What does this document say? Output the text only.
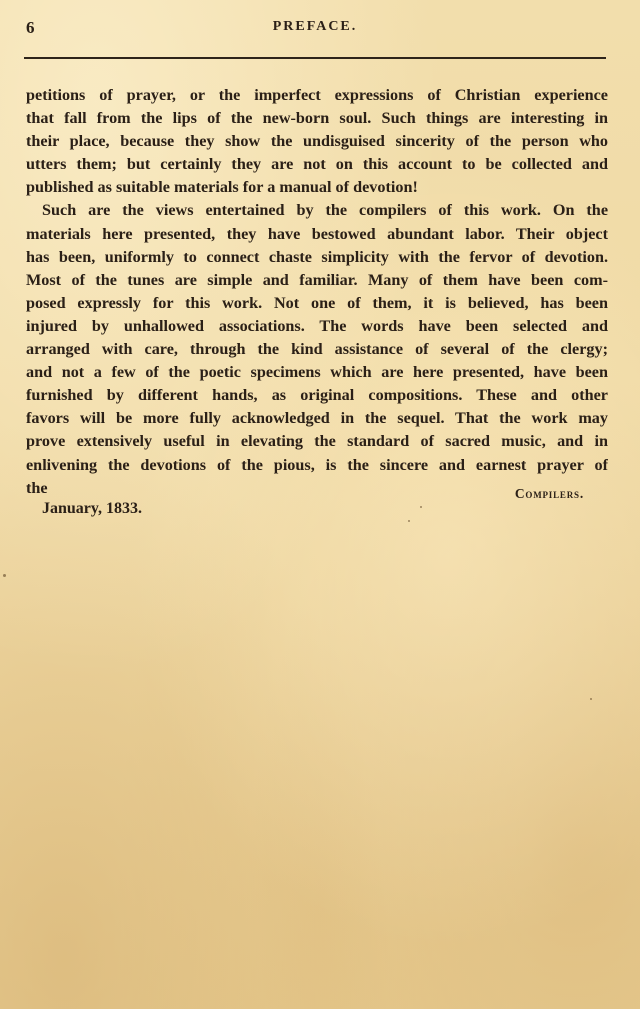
6	PREFACE.
petitions of prayer, or the imperfect expressions of Christian experience
that fall from the lips of the new-born soul. Such things are interesting in
their place, because they show the undisguised sincerity of the person who
utters them; but certainly they are not on this account to be collected and
published as suitable materials for a manual of devotion!
Such are the views entertained by the compilers of this work. On the
materials here presented, they have bestowed abundant labor. Their object
has been, uniformly to connect chaste simplicity with the fervor of devotion.
Most of the tunes are simple and familiar. Many of them have been com-
posed expressly for this work. Not one of them, it is believed, has been
injured by unhallowed associations. The words have been selected and
arranged with care, through the kind assistance of several of the clergy;
and not a few of the poetic specimens which are here presented, have been
furnished by different hands, as original compositions. These and other
favors will be more fully acknowledged in the sequel. That the work may
prove extensively useful in elevating the standard of sacred music, and in
enlivening the devotions of the pious, is the sincere and earnest prayer of
the	Compilers.
January, 1833.
